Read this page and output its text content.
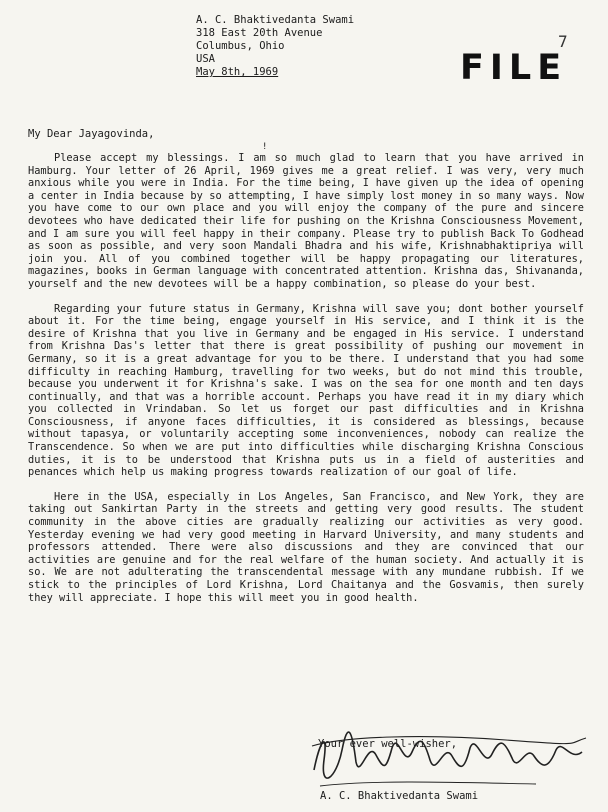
A. C. Bhaktivedanta Swami
318 East 20th Avenue
Columbus, Ohio
USA
May 8th, 1969	FILE
7
My Dear Jayagovinda,
!

Please accept my blessings. I am so much glad to learn that you have arrived in Hamburg. Your letter of 26 April, 1969 gives me a great relief. I was very, very much anxious while you were in India. For the time being, I have given up the idea of opening a center in India because by so attempting, I have simply lost money in so many ways. Now you have come to our own place and you will enjoy the company of the pure and sincere devotees who have dedicated their life for pushing on the Krishna Consciousness Movement, and I am sure you will feel happy in their company. Please try to publish Back To Godhead as soon as possible, and very soon Mandali Bhadra and his wife, Krishnabhaktipriya will join you. All of you combined together will be happy propagating our literatures, magazines, books in German language with concentrated attention. Krishna das, Shivananda, yourself and the new devotees will be a happy combination, so please do your best.

Regarding your future status in Germany, Krishna will save you; dont bother yourself about it. For the time being, engage yourself in His service, and I think it is the desire of Krishna that you live in Germany and be engaged in His service. I understand from Krishna Das's letter that there is great possibility of pushing our movement in Germany, so it is a great advantage for you to be there. I understand that you had some difficulty in reaching Hamburg, travelling for two weeks, but do not mind this trouble, because you underwent it for Krishna's sake. I was on the sea for one month and ten days continually, and that was a horrible account. Perhaps you have read it in my diary which you collected in Vrindaban. So let us forget our past difficulties and in Krishna Consciousness, if anyone faces difficulties, it is considered as blessings, because without tapasya, or voluntarily accepting some inconveniences, nobody can realize the Transcendence. So when we are put into difficulties while discharging Krishna Conscious duties, it is to be understood that Krishna puts us in a field of austerities and penances which help us making progress towards realization of our goal of life.

Here in the USA, especially in Los Angeles, San Francisco, and New York, they are taking out Sankirtan Party in the streets and getting very good results. The student community in the above cities are gradually realizing our activities as very good. Yesterday evening we had very good meeting in Harvard University, and many students and professors attended. There were also discussions and they are convinced that our activities are genuine and for the real welfare of the human society. And actually it is so. We are not adulterating the transcendental message with any mundane rubbish. If we stick to the principles of Lord Krishna, Lord Chaitanya and the Gosvamis, then surely they will appreciate. I hope this will meet you in good health.

Your ever well-wisher,
A. C. Bhaktivedanta Swami
